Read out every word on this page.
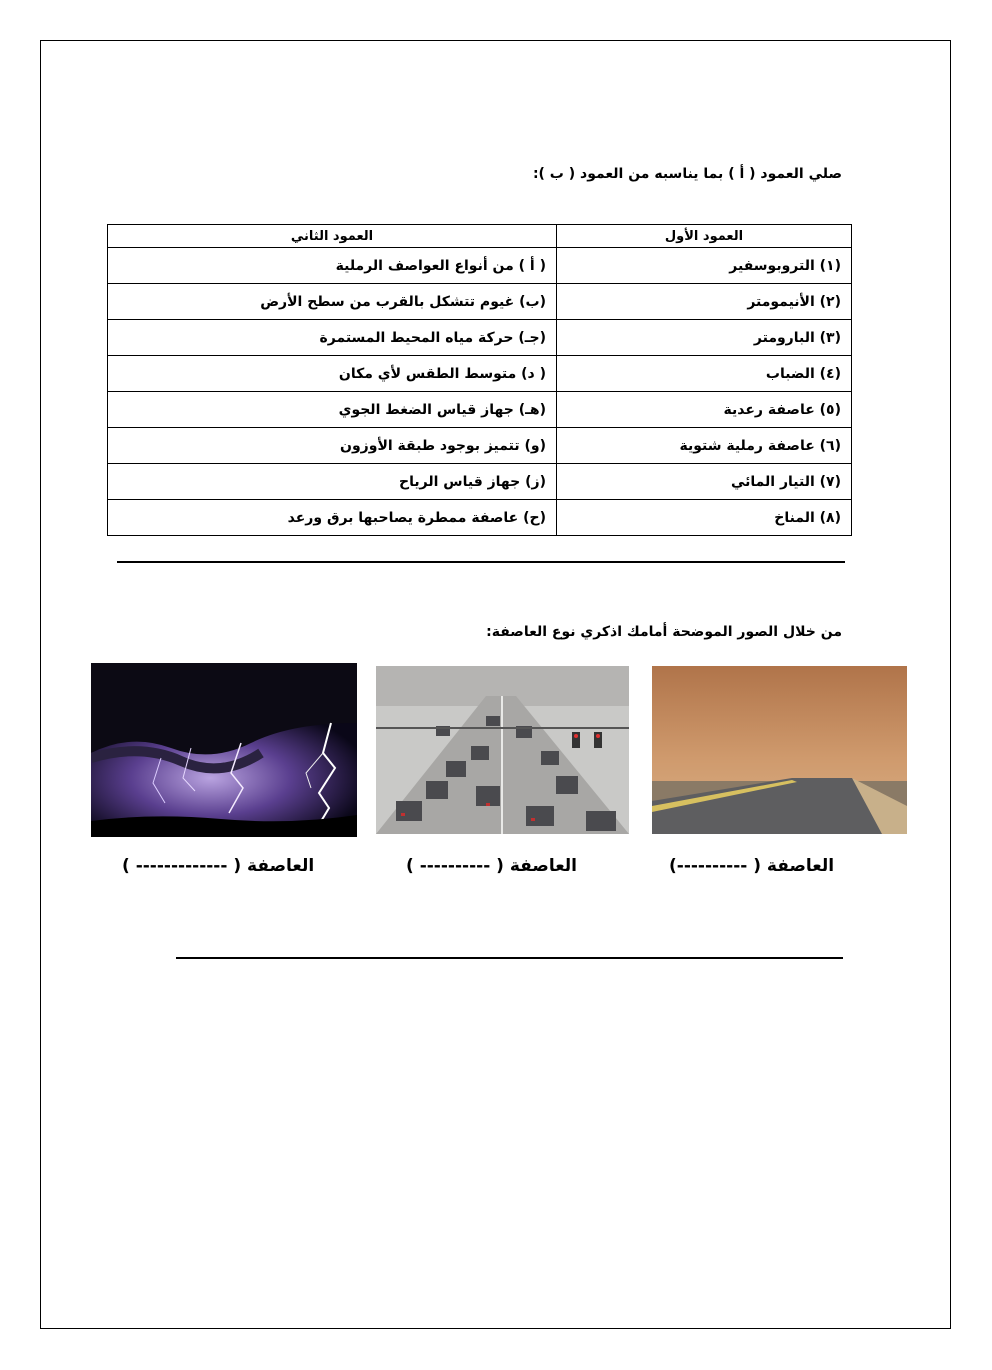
صلي العمود ( أ ) بما يناسبه من العمود ( ب ):
العمود الأول	العمود الثاني
(١) التروبوسفير	( أ ) من أنواع العواصف الرملية
(٢) الأنيمومتر	(ب) غيوم تتشكل بالقرب من سطح الأرض
(٣) البارومتر	(جـ) حركة مياه المحيط المستمرة
(٤) الضباب	( د) متوسط الطقس لأي مكان
(٥) عاصفة رعدية	(هـ) جهاز قياس الضغط الجوي
(٦) عاصفة رملية شتوية	(و) تتميز بوجود طبقة الأوزون
(٧) التيار المائي	(ز) جهاز قياس الرياح
(٨) المناخ	(ح) عاصفة ممطرة يصاحبها برق ورعد
من خلال الصور الموضحة أمامك اذكري نوع العاصفة:
العاصفة ( ------------- )	العاصفة ( ---------- )	العاصفة ( ----------)
